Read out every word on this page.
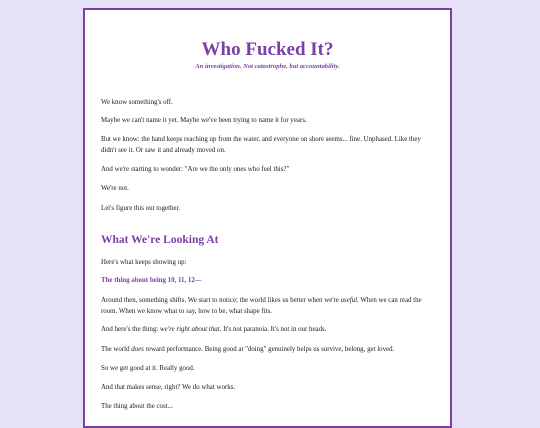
Who Fucked It?
An investigation. Not catastrophe, but accountability.

We know something's off.

Maybe we can't name it yet. Maybe we've been trying to name it for years.

But we know: the hand keeps reaching up from the water, and everyone on shore seems... fine. Unphased. Like they didn't see it. Or saw it and already moved on.

And we're starting to wonder: "Are we the only ones who feel this?"

We're not.

Let's figure this out together.

What We're Looking At

Here's what keeps showing up:

The thing about being 10, 11, 12—

Around then, something shifts. We start to notice; the world likes us better when we're useful. When we can read the room. When we know what to say, how to be, what shape fits.

And here's the thing: we're right about that. It's not paranoia. It's not in our heads.

The world does reward performance. Being good at "doing" genuinely helps us survive, belong, get loved.

So we get good at it. Really good.

And that makes sense, right? We do what works.

The thing about the cost...
